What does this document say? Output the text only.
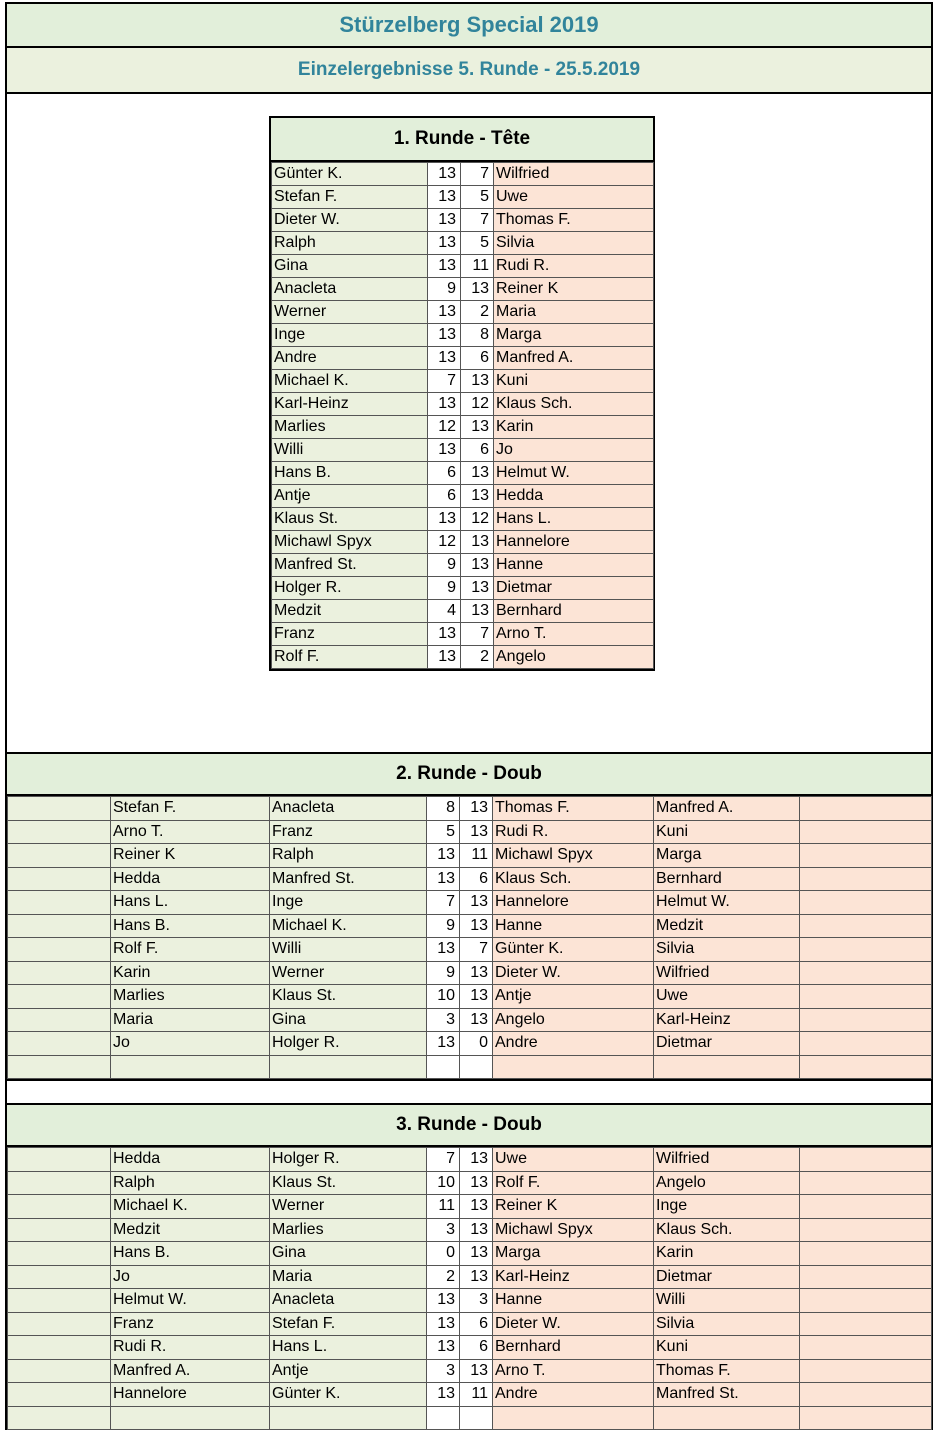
Stürzelberg Special 2019
Einzelergebnisse 5. Runde - 25.5.2019
1. Runde - Tête
Günter K.	13	7	Wilfried
Stefan F.	13	5	Uwe
Dieter W.	13	7	Thomas F.
Ralph	13	5	Silvia
Gina	13	11	Rudi R.
Anacleta	9	13	Reiner K
Werner	13	2	Maria
Inge	13	8	Marga
Andre	13	6	Manfred A.
Michael K.	7	13	Kuni
Karl-Heinz	13	12	Klaus Sch.
Marlies	12	13	Karin
Willi	13	6	Jo
Hans B.	6	13	Helmut W.
Antje	6	13	Hedda
Klaus St.	13	12	Hans L.
Michawl Spyx	12	13	Hannelore
Manfred St.	9	13	Hanne
Holger R.	9	13	Dietmar
Medzit	4	13	Bernhard
Franz	13	7	Arno T.
Rolf F.	13	2	Angelo
2. Runde - Doub
	Stefan F.	Anacleta	8	13	Thomas F.	Manfred A.	
	Arno T.	Franz	5	13	Rudi R.	Kuni	
	Reiner K	Ralph	13	11	Michawl Spyx	Marga	
	Hedda	Manfred St.	13	6	Klaus Sch.	Bernhard	
	Hans L.	Inge	7	13	Hannelore	Helmut W.	
	Hans B.	Michael K.	9	13	Hanne	Medzit	
	Rolf F.	Willi	13	7	Günter K.	Silvia	
	Karin	Werner	9	13	Dieter W.	Wilfried	
	Marlies	Klaus St.	10	13	Antje	Uwe	
	Maria	Gina	3	13	Angelo	Karl-Heinz	
	Jo	Holger R.	13	0	Andre	Dietmar	

3. Runde - Doub
	Hedda	Holger R.	7	13	Uwe	Wilfried	
	Ralph	Klaus St.	10	13	Rolf F.	Angelo	
	Michael K.	Werner	11	13	Reiner K	Inge	
	Medzit	Marlies	3	13	Michawl Spyx	Klaus Sch.	
	Hans B.	Gina	0	13	Marga	Karin	
	Jo	Maria	2	13	Karl-Heinz	Dietmar	
	Helmut W.	Anacleta	13	3	Hanne	Willi	
	Franz	Stefan F.	13	6	Dieter W.	Silvia	
	Rudi R.	Hans L.	13	6	Bernhard	Kuni	
	Manfred A.	Antje	3	13	Arno T.	Thomas F.	
	Hannelore	Günter K.	13	11	Andre	Manfred St.	
